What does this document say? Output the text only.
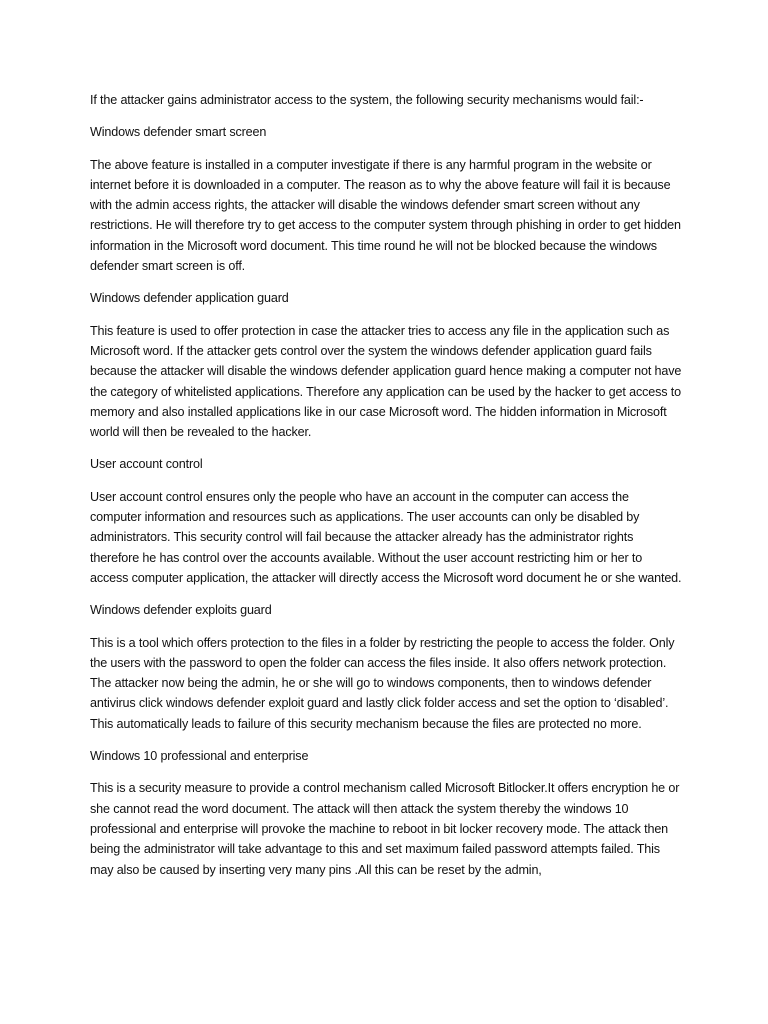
If the attacker gains administrator access to the system, the following security mechanisms would fail:-

Windows defender smart screen

The above feature is installed in a computer investigate if there is any harmful program in the website or internet before it is downloaded in a computer. The reason as to why the above feature will fail it is because with the admin access rights, the attacker will disable the windows defender smart screen without any restrictions. He will therefore try to get access to the computer system through phishing in order to get hidden information in the Microsoft word document. This time round he will not be blocked because the windows defender smart screen is off.

Windows defender application guard

This feature is used to offer protection in case the attacker tries to access any file in the application such as Microsoft word. If the attacker gets control over the system the windows defender application guard fails because the attacker will disable the windows defender application guard hence making a computer not have the category of whitelisted applications. Therefore any application can be used by the hacker to get access to memory and also installed applications like in our case Microsoft word. The hidden information in Microsoft world will then be revealed to the hacker.

User account control

User account control ensures only the people who have an account in the computer can access the computer information and resources such as applications. The user accounts can only be disabled by administrators. This security control will fail because the attacker already has the administrator rights therefore he has control over the accounts available. Without the user account restricting him or her to access computer application, the attacker will directly access the Microsoft word document he or she wanted.

Windows defender exploits guard

This is a tool which offers protection to the files in a folder by restricting the people to access the folder. Only the users with the password to open the folder can access the files inside. It also offers network protection. The attacker now being the admin, he or she will go to windows components, then to windows defender antivirus click windows defender exploit guard and lastly click folder access and set the option to ‘disabled’. This automatically leads to failure of this security mechanism because the files are protected no more.

Windows 10 professional and enterprise

This is a security measure to provide a control mechanism called Microsoft Bitlocker.It offers encryption he or she cannot read the word document. The attack will then attack the system thereby the windows 10 professional and enterprise will provoke the machine to reboot in bit locker recovery mode. The attack then being the administrator will take advantage to this and set maximum failed password attempts failed. This may also be caused by inserting very many pins .All this can be reset by the admin,
